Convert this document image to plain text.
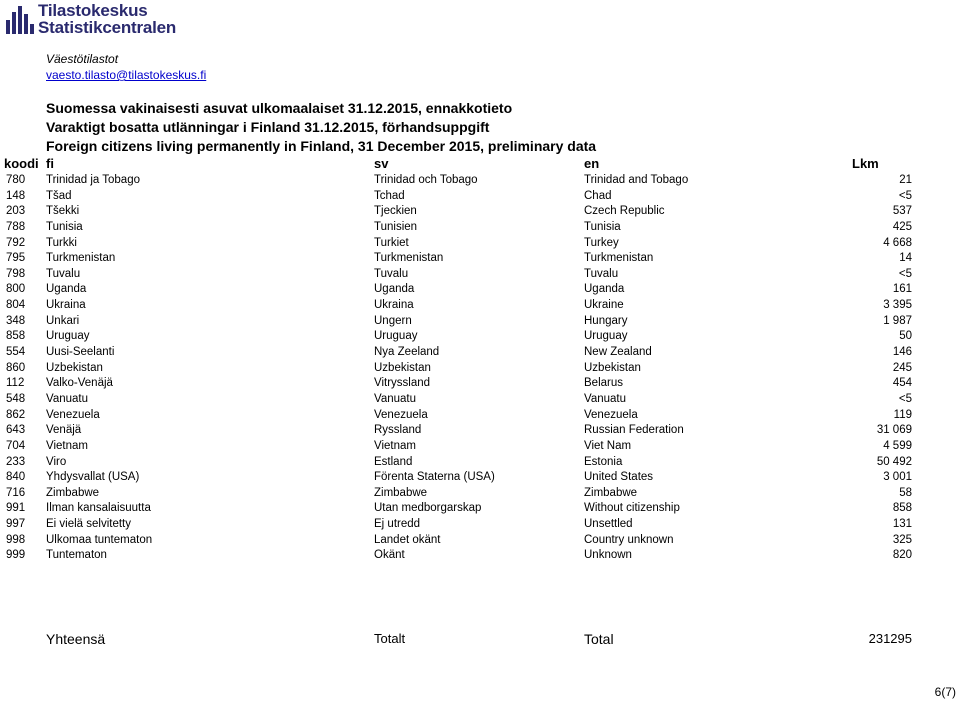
Tilastokeskus
Statistikcentralen
Väestötilastot
vaesto.tilasto@tilastokeskus.fi
Suomessa vakinaisesti asuvat ulkomaalaiset 31.12.2015, ennakkotieto
Varaktigt bosatta utlänningar i Finland 31.12.2015, förhandsuppgift
Foreign citizens living permanently in Finland, 31 December 2015, preliminary data
koodi fi	sv	en	Lkm
780 Trinidad ja Tobago	Trinidad och Tobago	Trinidad and Tobago	21
148 Tšad	Tchad	Chad	<5
203 Tšekki	Tjeckien	Czech Republic	537
788 Tunisia	Tunisien	Tunisia	425
792 Turkki	Turkiet	Turkey	4 668
795 Turkmenistan	Turkmenistan	Turkmenistan	14
798 Tuvalu	Tuvalu	Tuvalu	<5
800 Uganda	Uganda	Uganda	161
804 Ukraina	Ukraina	Ukraine	3 395
348 Unkari	Ungern	Hungary	1 987
858 Uruguay	Uruguay	Uruguay	50
554 Uusi-Seelanti	Nya Zeeland	New Zealand	146
860 Uzbekistan	Uzbekistan	Uzbekistan	245
112 Valko-Venäjä	Vitryssland	Belarus	454
548 Vanuatu	Vanuatu	Vanuatu	<5
862 Venezuela	Venezuela	Venezuela	119
643 Venäjä	Ryssland	Russian Federation	31 069
704 Vietnam	Vietnam	Viet Nam	4 599
233 Viro	Estland	Estonia	50 492
840 Yhdysvallat (USA)	Förenta Staterna (USA)	United States	3 001
716 Zimbabwe	Zimbabwe	Zimbabwe	58
991 Ilman kansalaisuutta	Utan medborgarskap	Without citizenship	858
997 Ei vielä selvitetty	Ej utredd	Unsettled	131
998 Ulkomaa tuntematon	Landet okänt	Country unknown	325
999 Tuntematon	Okänt	Unknown	820
Yhteensä	Totalt	Total	231295
6(7)
